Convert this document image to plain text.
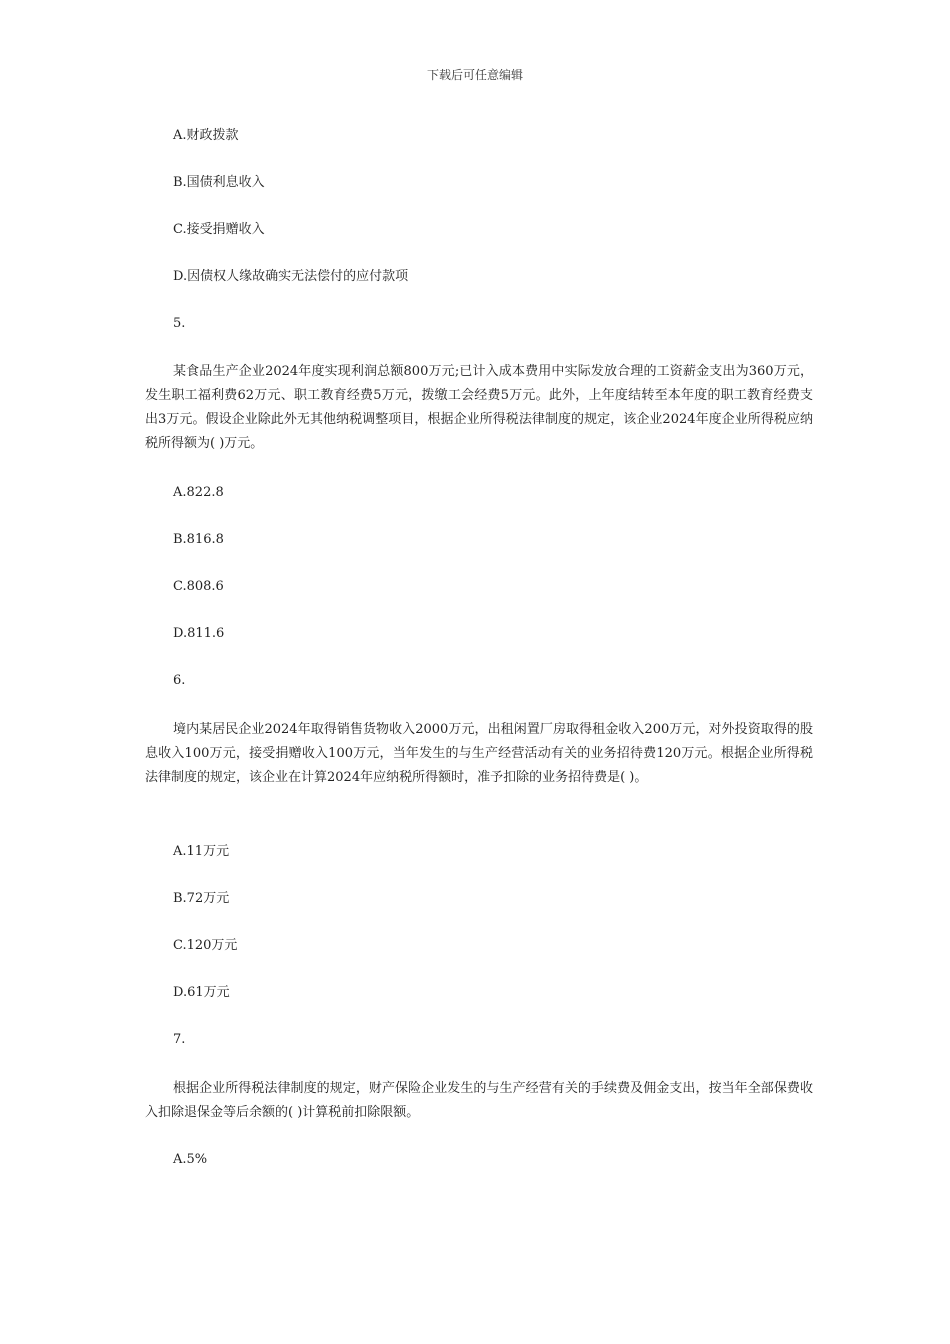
下载后可任意编辑
A.财政拨款
B.国债利息收入
C.接受捐赠收入
D.因债权人缘故确实无法偿付的应付款项
5.

某食品生产企业2024年度实现利润总额800万元;已计入成本费用中实际发放合理的工资薪金支出为360万元，发生职工福利费62万元、职工教育经费5万元，拨缴工会经费5万元。此外，上年度结转至本年度的职工教育经费支出3万元。假设企业除此外无其他纳税调整项目，根据企业所得税法律制度的规定，该企业2024年度企业所得税应纳税所得额为( )万元。

A.822.8
B.816.8
C.808.6
D.811.6
6.

境内某居民企业2024年取得销售货物收入2000万元，出租闲置厂房取得租金收入200万元，对外投资取得的股息收入100万元，接受捐赠收入100万元，当年发生的与生产经营活动有关的业务招待费120万元。根据企业所得税法律制度的规定，该企业在计算2024年应纳税所得额时，准予扣除的业务招待费是( )。

A.11万元
B.72万元
C.120万元
D.61万元
7.

根据企业所得税法律制度的规定，财产保险企业发生的与生产经营有关的手续费及佣金支出，按当年全部保费收入扣除退保金等后余额的( )计算税前扣除限额。

A.5%
